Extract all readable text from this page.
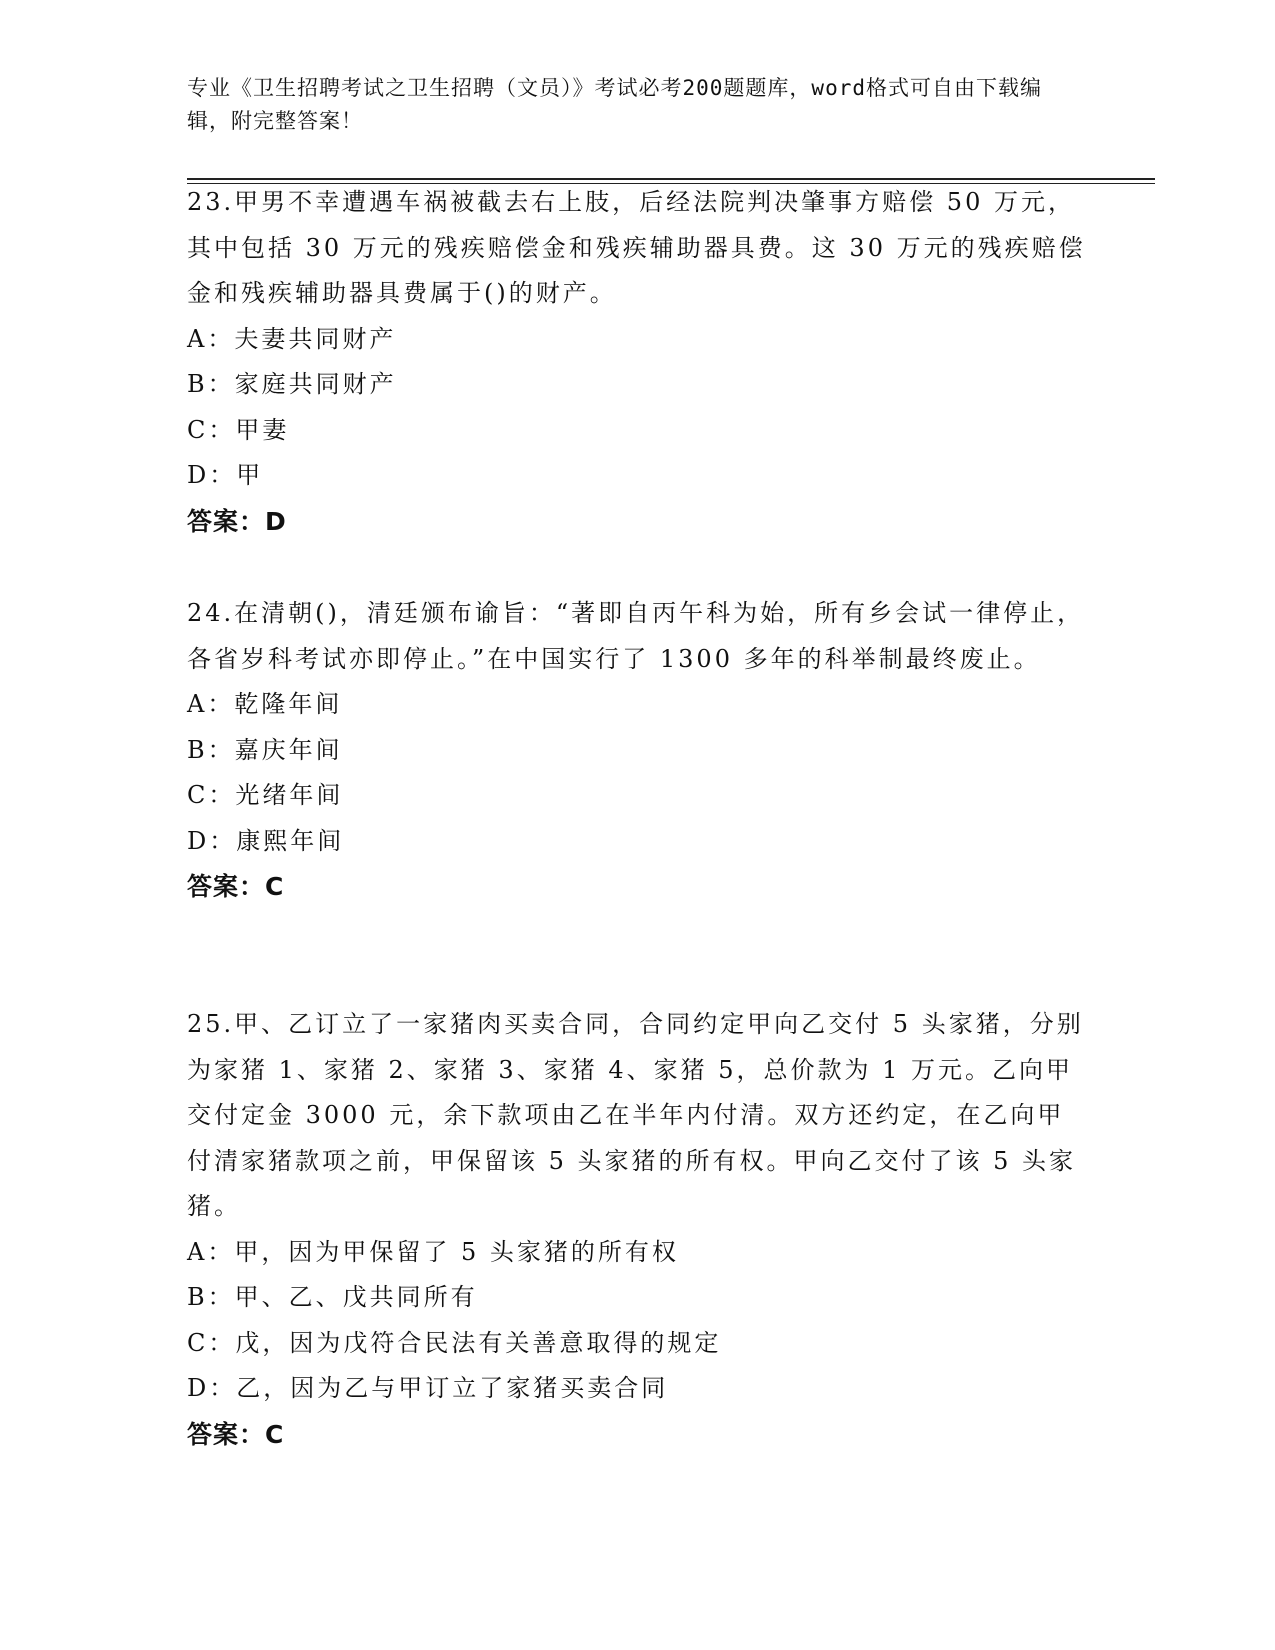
专业《卫生招聘考试之卫生招聘（文员）》考试必考200题题库，word格式可自由下载编辑，附完整答案！
23.甲男不幸遭遇车祸被截去右上肢，后经法院判决肇事方赔偿 50 万元，其中包括 30 万元的残疾赔偿金和残疾辅助器具费。这 30 万元的残疾赔偿金和残疾辅助器具费属于()的财产。
A：夫妻共同财产
B：家庭共同财产
C：甲妻
D：甲
答案：D
24.在清朝()，清廷颁布谕旨：“著即自丙午科为始，所有乡会试一律停止，各省岁科考试亦即停止。”在中国实行了 1300 多年的科举制最终废止。
A：乾隆年间
B：嘉庆年间
C：光绪年间
D：康熙年间
答案：C
25.甲、乙订立了一家猪肉买卖合同，合同约定甲向乙交付 5 头家猪，分别为家猪 1、家猪 2、家猪 3、家猪 4、家猪 5，总价款为 1 万元。乙向甲交付定金 3000 元，余下款项由乙在半年内付清。双方还约定，在乙向甲付清家猪款项之前，甲保留该 5 头家猪的所有权。甲向乙交付了该 5 头家猪。
A：甲，因为甲保留了 5 头家猪的所有权
B：甲、乙、戊共同所有
C：戊，因为戊符合民法有关善意取得的规定
D：乙，因为乙与甲订立了家猪买卖合同
答案：C
